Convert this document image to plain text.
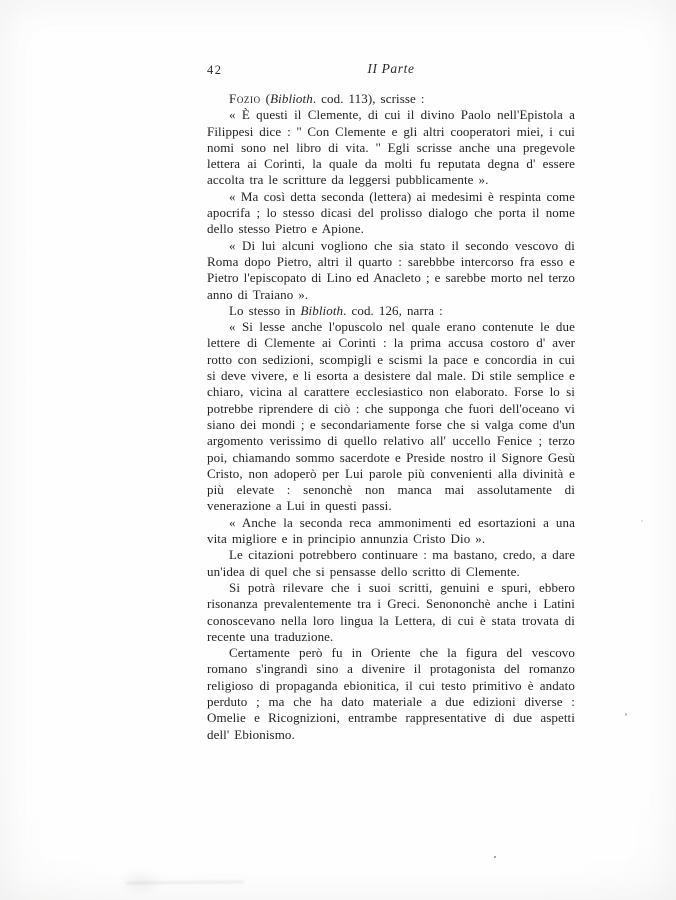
42	II Parte

Fozio (Biblioth. cod. 113), scrisse :

« È questi il Clemente, di cui il divino Paolo nell'Epistola a Filippesi dice : '' Con Clemente e gli altri cooperatori miei, i cui nomi sono nel libro di vita. '' Egli scrisse anche una pregevole lettera ai Corinti, la quale da molti fu reputata degna d' essere accolta tra le scritture da leggersi pubblicamente ».

« Ma così detta seconda (lettera) ai medesimi è respinta come apocrifa ; lo stesso dicasi del prolisso dialogo che porta il nome dello stesso Pietro e Apione.

« Di lui alcuni vogliono che sia stato il secondo vescovo di Roma dopo Pietro, altri il quarto : sarebbbe intercorso fra esso e Pietro l'episcopato di Lino ed Anacleto ; e sarebbe morto nel terzo anno di Traiano ».

Lo stesso in Biblioth. cod. 126, narra :

« Si lesse anche l'opuscolo nel quale erano contenute le due lettere di Clemente ai Corinti : la prima accusa costoro d' aver rotto con sedizioni, scompigli e scismi la pace e concordia in cui si deve vivere, e li esorta a desistere dal male. Di stile semplice e chiaro, vicina al carattere ecclesiastico non elaborato. Forse lo si potrebbe riprendere di ciò : che supponga che fuori dell'oceano vi siano dei mondi ; e secondariamente forse che si valga come d'un argomento verissimo di quello relativo all' uccello Fenice ; terzo poi, chiamando sommo sacerdote e Preside nostro il Signore Gesù Cristo, non adoperò per Lui parole più convenienti alla divinità e più elevate : senonchè non manca mai assolutamente di venerazione a Lui in questi passi.

« Anche la seconda reca ammonimenti ed esortazioni a una vita migliore e in principio annunzia Cristo Dio ».

Le citazioni potrebbero continuare : ma bastano, credo, a dare un'idea di quel che si pensasse dello scritto di Clemente.

Si potrà rilevare che i suoi scritti, genuini e spuri, ebbero risonanza prevalentemente tra i Greci. Senononchè anche i Latini conoscevano nella loro lingua la Lettera, di cui è stata trovata di recente una traduzione.

Certamente però fu in Oriente che la figura del vescovo romano s'ingrandì sino a divenire il protagonista del romanzo religioso di propaganda ebionitica, il cui testo primitivo è andato perduto ; ma che ha dato materiale a due edizioni diverse : Omelie e Ricognizioni, entrambe rappresentative di due aspetti dell' Ebionismo.
